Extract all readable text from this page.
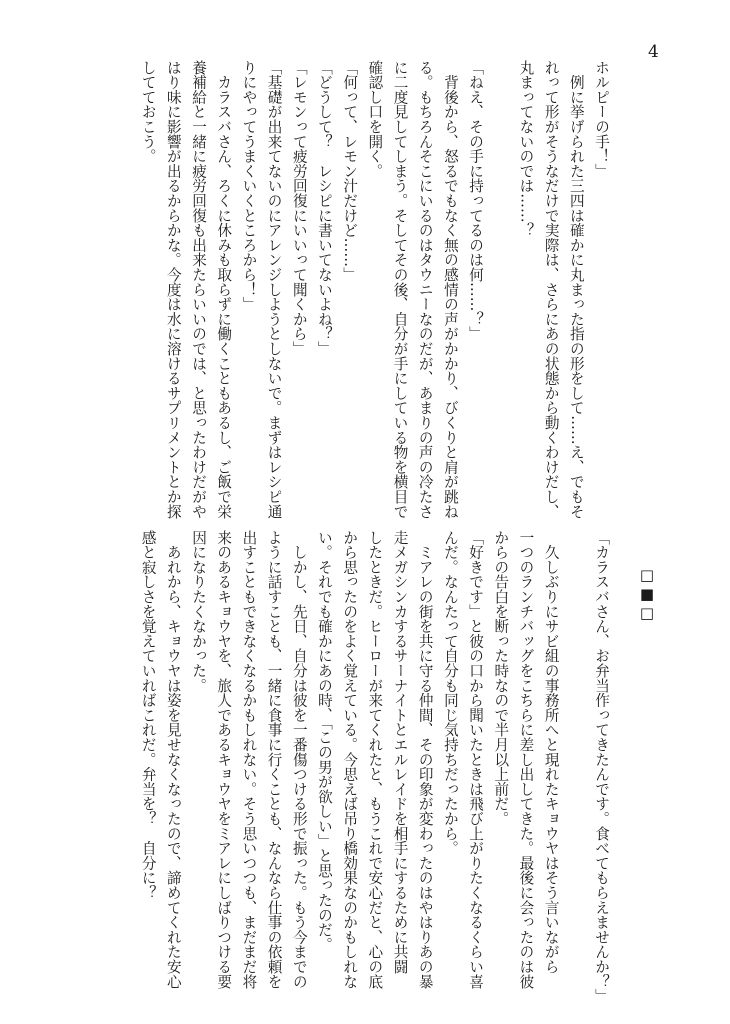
4
ホルピーの手！」
　例に挙げられた三四は確かに丸まった指の形をして……え、でもそ
れって形がそうなだけで実際は、さらにあの状態から動くわけだし、
丸まってないのでは……？
「ねえ、その手に持ってるのは何……？」
　背後から、怒るでもなく無の感情の声がかかり、びくりと肩が跳ね
る。もちろんそこにいるのはタウニーなのだが、あまりの声の冷たさ
に二度見してしまう。そしてその後、自分が手にしている物を横目で
確認し口を開く。
「何って、レモン汁だけど……」
「どうして？　レシピに書いてないよね？」
「レモンって疲労回復にいいって聞くから」
「基礎が出来てないのにアレンジしようとしないで。まずはレシピ通
りにやってうまくいくところから！」
　カラスバさん、ろくに休みも取らずに働くこともあるし、ご飯で栄
養補給と一緒に疲労回復も出来たらいいのでは、と思ったわけだがや
はり味に影響が出るからかな。今度は水に溶けるサプリメントとか探
してておこう。
□■□
「カラスバさん、お弁当作ってきたんです。食べてもらえませんか？」
　久しぶりにサビ組の事務所へと現れたキョウヤはそう言いながら
一つのランチバッグをこちらに差し出してきた。最後に会ったのは彼
からの告白を断った時なので半月以上前だ。
「好きです」と彼の口から聞いたときは飛び上がりたくなるくらい喜
んだ。なんたって自分も同じ気持ちだったから。
　ミアレの街を共に守る仲間、その印象が変わったのはやはりあの暴
走メガシンカするサーナイトとエルレイドを相手にするために共闘
したときだ。ヒーローが来てくれたと、もうこれで安心だと、心の底
から思ったのをよく覚えている。今思えば吊り橋効果なのかもしれな
い。それでも確かにあの時、「この男が欲しい」と思ったのだ。
　しかし、先日、自分は彼を一番傷つける形で振った。もう今までの
ように話すことも、一緒に食事に行くことも、なんなら仕事の依頼を
出すこともできなくなるかもしれない。そう思いつつも、まだまだ将
来のあるキョウヤを、旅人であるキョウヤをミアレにしばりつける要
因になりたくなかった。
　あれから、キョウヤは姿を見せなくなったので、諦めてくれた安心
感と寂しさを覚えていればこれだ。弁当を？　自分に？
